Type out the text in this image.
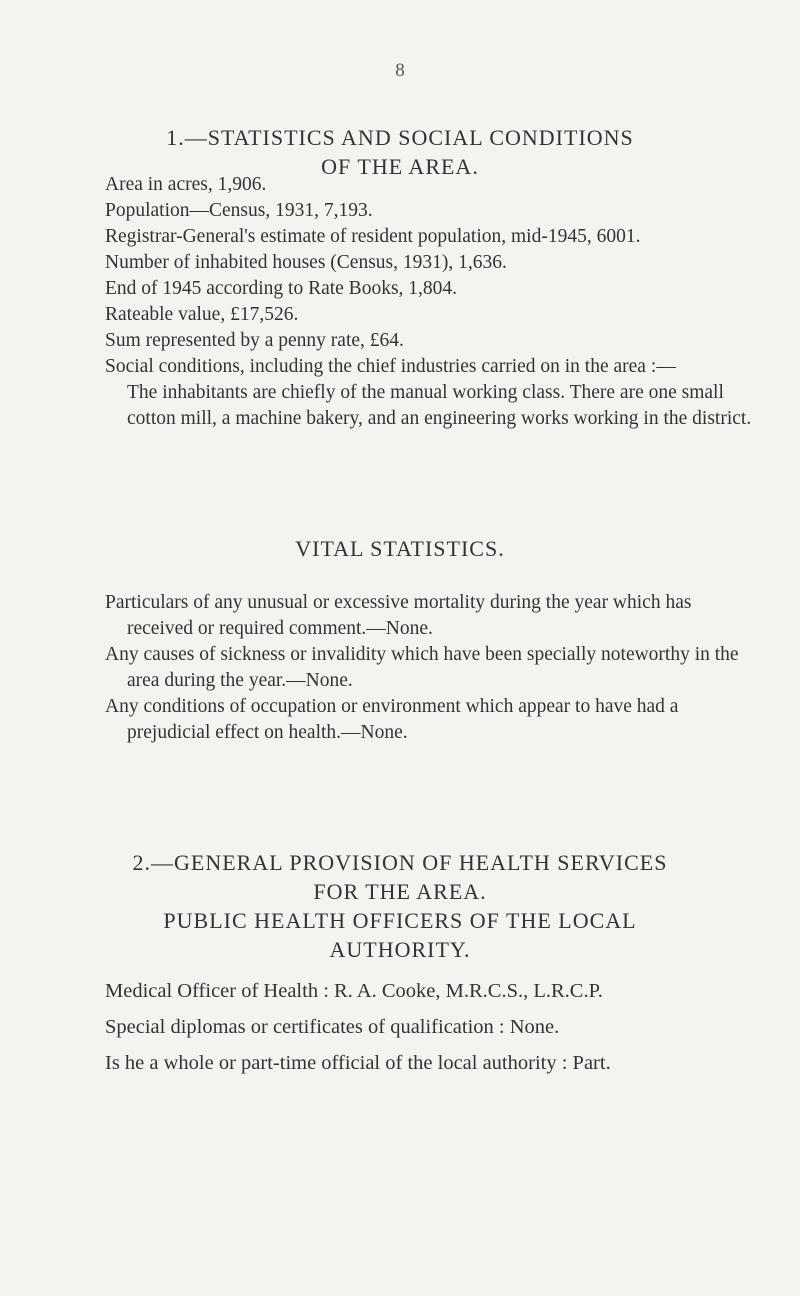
8
1.—STATISTICS AND SOCIAL CONDITIONS
OF THE AREA.

Area in acres, 1,906.

Population—Census, 1931, 7,193.

Registrar-General's estimate of resident population, mid-1945, 6001.

Number of inhabited houses (Census, 1931), 1,636.

End of 1945 according to Rate Books, 1,804.

Rateable value, £17,526.

Sum represented by a penny rate, £64.

Social conditions, including the chief industries carried on in the area :—

The inhabitants are chiefly of the manual working class. There are one small cotton mill, a machine bakery, and an engineering works working in the district.

VITAL STATISTICS.

Particulars of any unusual or excessive mortality during the year which has received or required comment.—None.

Any causes of sickness or invalidity which have been specially noteworthy in the area during the year.—None.

Any conditions of occupation or environment which appear to have had a prejudicial effect on health.—None.

2.—GENERAL PROVISION OF HEALTH SERVICES
FOR THE AREA.
PUBLIC HEALTH OFFICERS OF THE LOCAL
AUTHORITY.

Medical Officer of Health : R. A. Cooke, M.R.C.S., L.R.C.P.

Special diplomas or certificates of qualification : None.

Is he a whole or part-time official of the local authority : Part.
